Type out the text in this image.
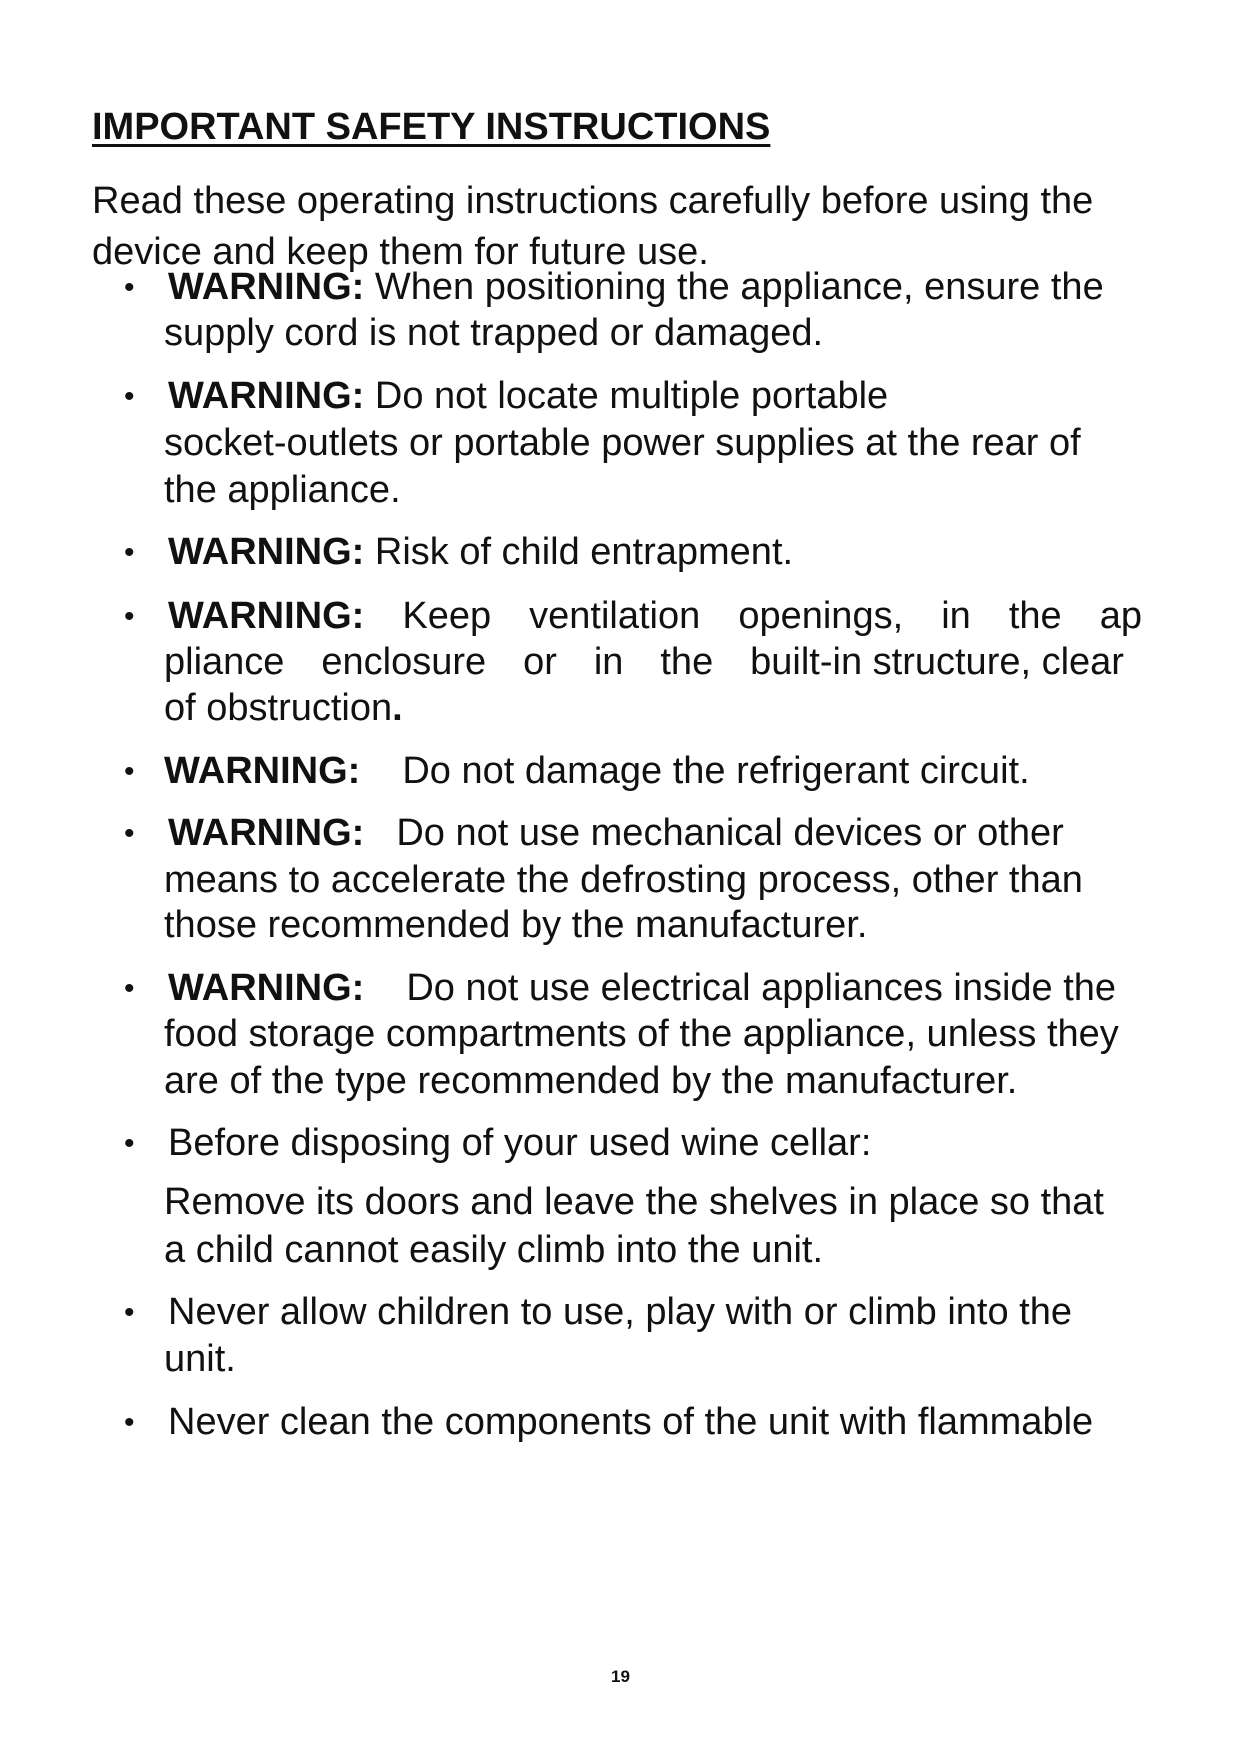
IMPORTANT SAFETY INSTRUCTIONS

Read these operating instructions carefully before using the
device and keep them for future use.

• WARNING: When positioning the appliance, ensure the

supply cord is not trapped or damaged.

• WARNING: Do not locate multiple portable

socket-outlets or portable power supplies at the rear of

the appliance.

• WARNING: Risk of child entrapment.

• WARNING: Keep ventilation openings, in the ap

pliance enclosure or in the built-in structure, clear

of obstruction.

• WARNING: Do not damage the refrigerant circuit.

• WARNING: Do not use mechanical devices or other

means to accelerate the defrosting process, other than

those recommended by the manufacturer.

• WARNING: Do not use electrical appliances inside the

food storage compartments of the appliance, unless they

are of the type recommended by the manufacturer.

• Before disposing of your used wine cellar:

Remove its doors and leave the shelves in place so that

a child cannot easily climb into the unit.

• Never allow children to use, play with or climb into the

unit.

• Never clean the components of the unit with flammable

19
